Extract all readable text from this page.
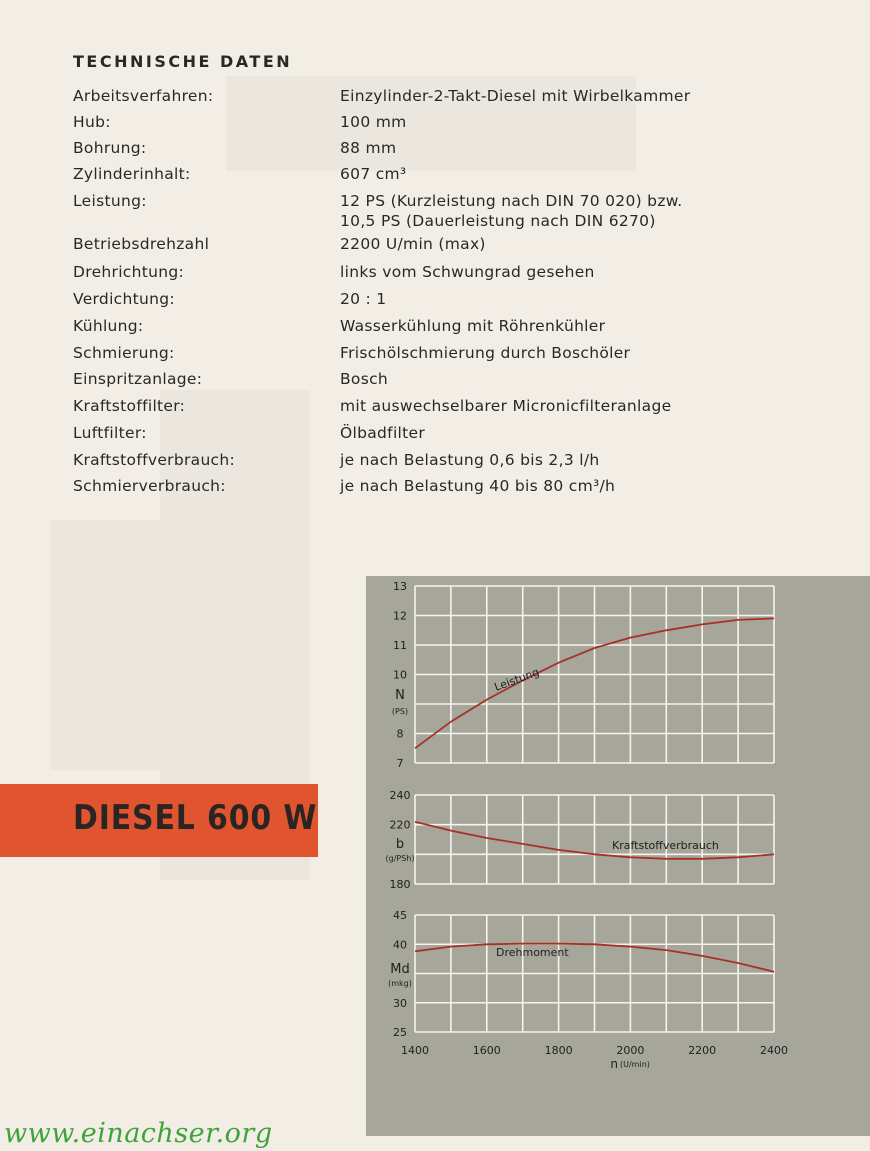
TECHNISCHE DATEN
Arbeitsverfahren:	Einzylinder-2-Takt-Diesel mit Wirbelkammer
Hub:	100 mm
Bohrung:	88 mm
Zylinderinhalt:	607 cm³
Leistung:	12 PS (Kurzleistung nach DIN 70 020) bzw.
10,5 PS (Dauerleistung nach DIN 6270)
Betriebsdrehzahl	2200 U/min (max)
Drehrichtung:	links vom Schwungrad gesehen
Verdichtung:	20 : 1
Kühlung:	Wasserkühlung mit Röhrenkühler
Schmierung:	Frischölschmierung durch Boschöler
Einspritzanlage:	Bosch
Kraftstoffilter:	mit auswechselbarer Micronicfilteranlage
Luftfilter:	Ölbadfilter
Kraftstoffverbrauch:	je nach Belastung 0,6 bis 2,3 l/h
Schmierverbrauch:	je nach Belastung 40 bis 80 cm³/h
DIESEL 600 W
7
8
10
11
12
13
N
(PS)
Leistung
180
220
240
b
(g/PSh)
Kraftstoffverbrauch
25
30
40
45
Md
(mkg)
Drehmoment
1400	1600	1800	2000	2200	2400
n (U/min)
www.einachser.org
